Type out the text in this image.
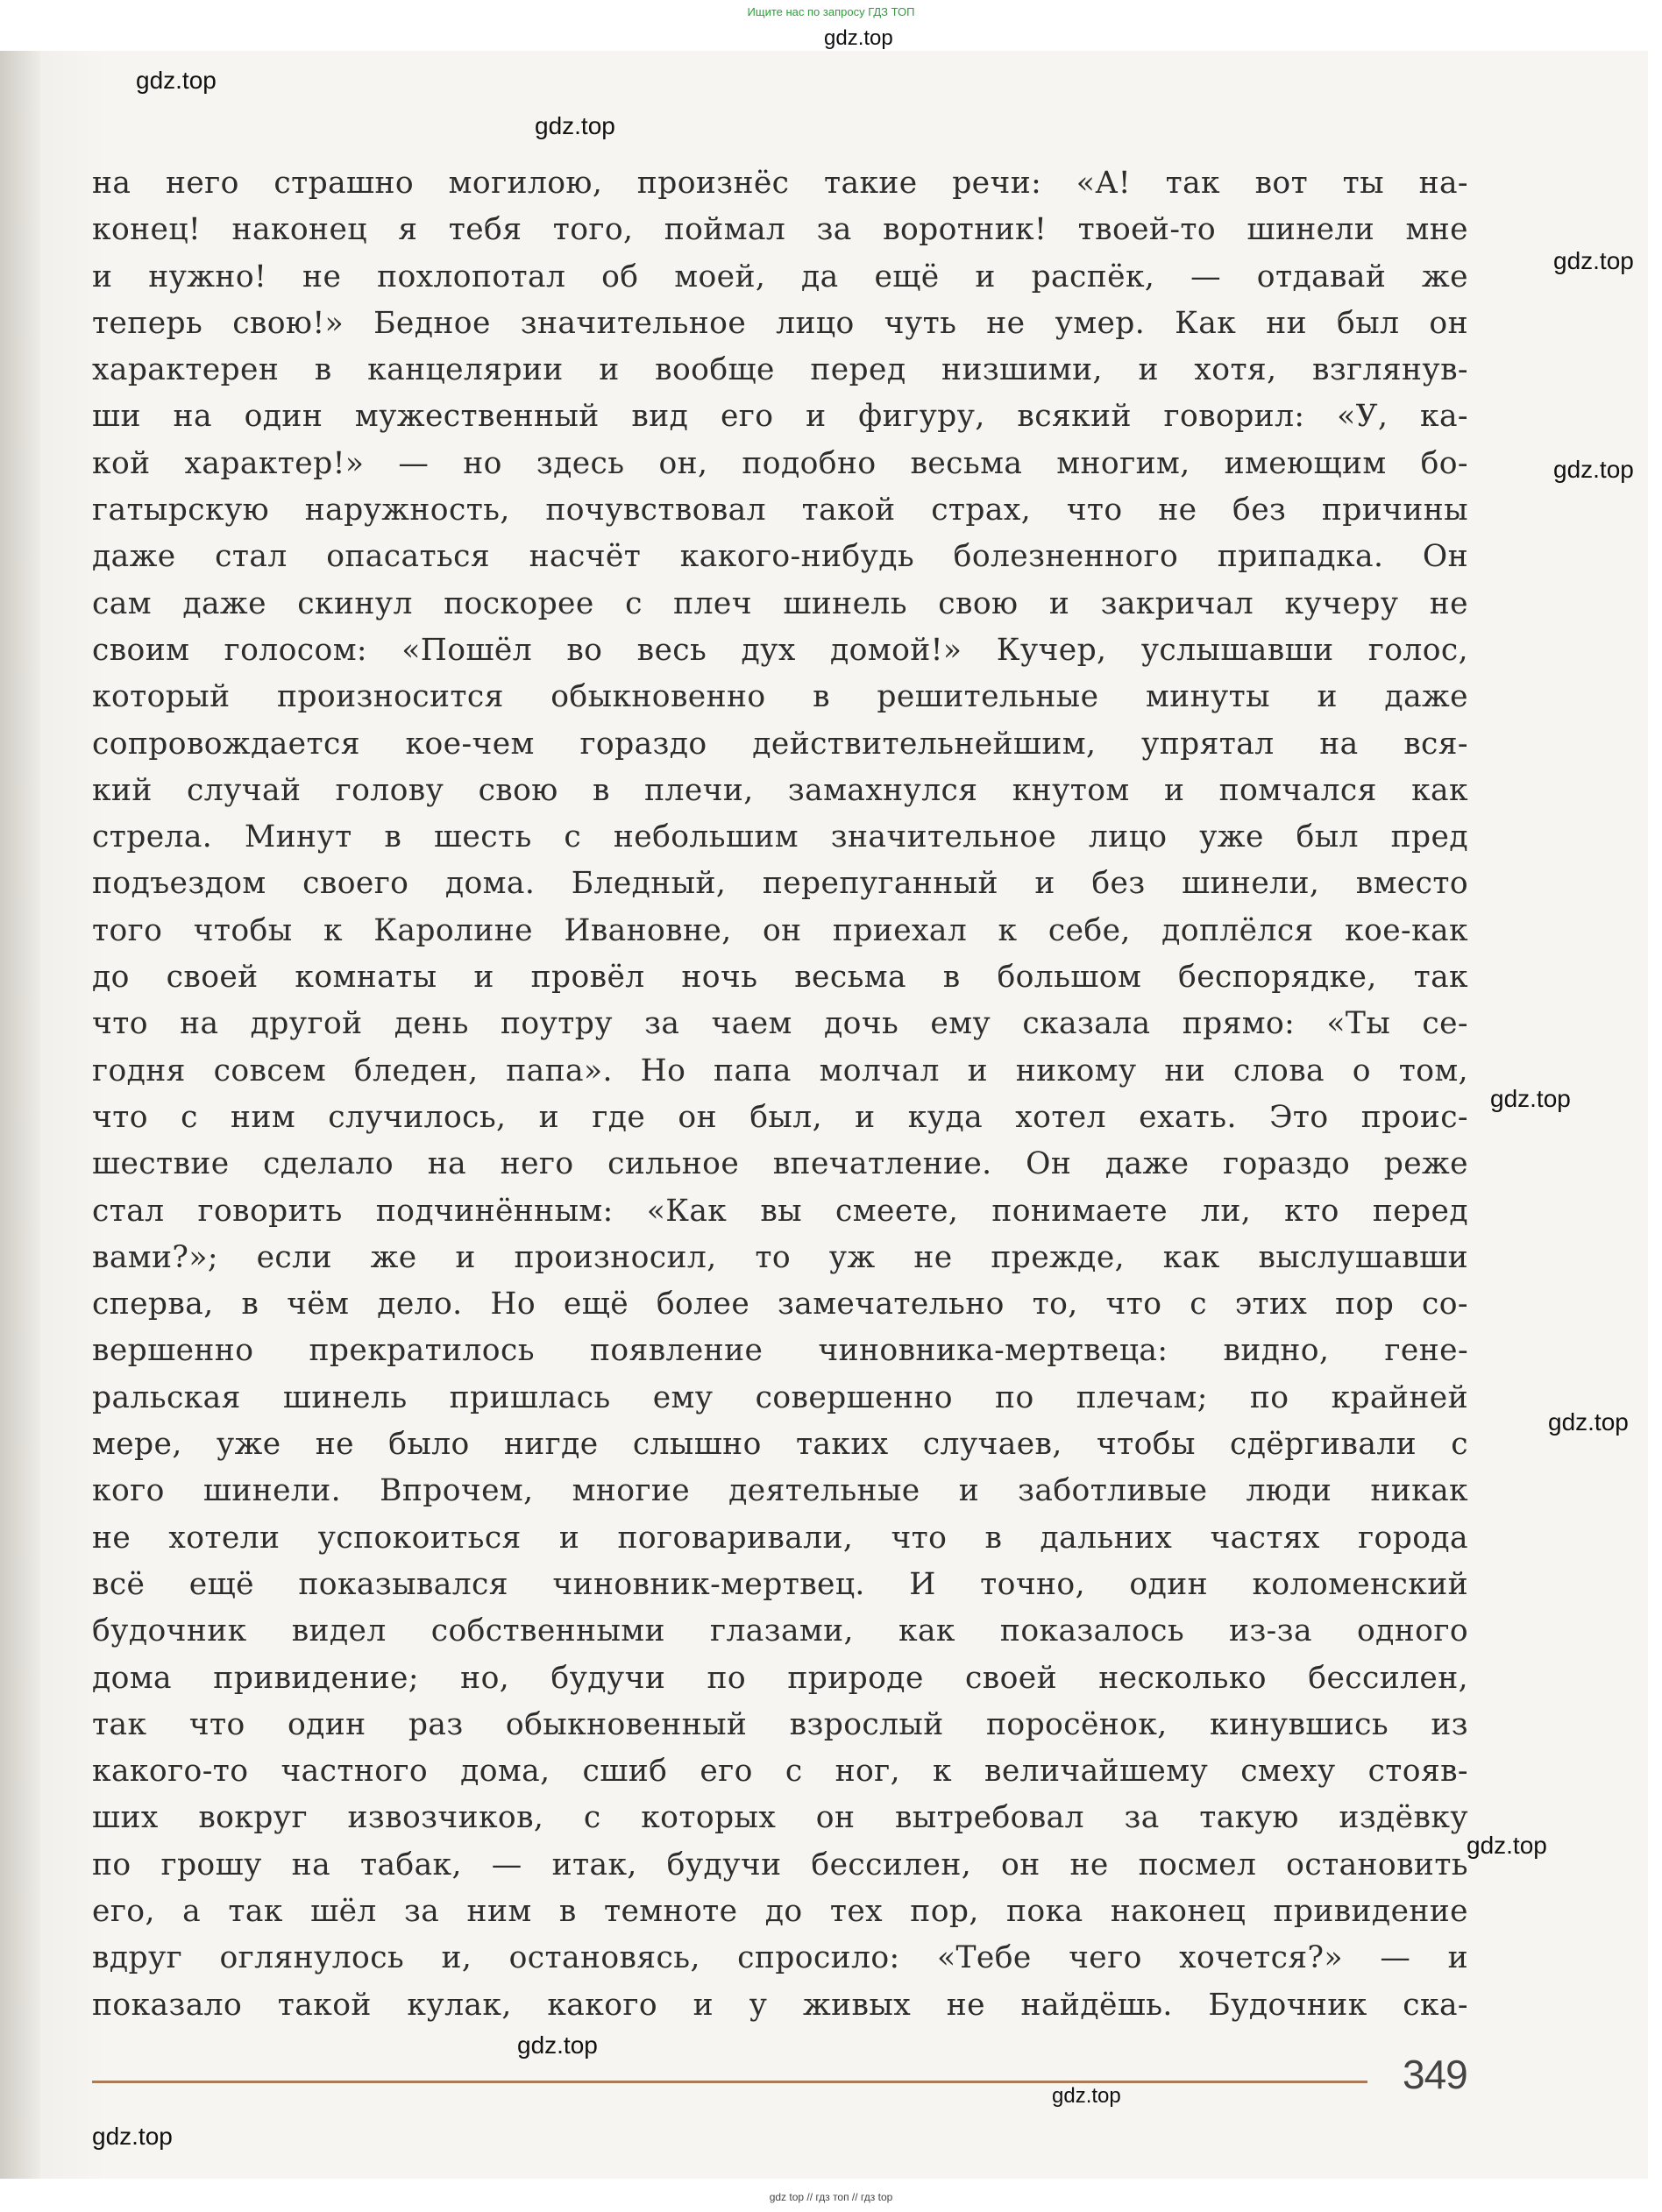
Ищите нас по запросу ГДЗ ТОП
на него страшно могилою, произнёс такие речи: «А! так вот ты на-
конец! наконец я тебя того, поймал за воротник! твоей-то шинели мне
и нужно! не похлопотал об моей, да ещё и распёк, — отдавай же
теперь свою!» Бедное значительное лицо чуть не умер. Как ни был он
характерен в канцелярии и вообще перед низшими, и хотя, взглянув-
ши на один мужественный вид его и фигуру, всякий говорил: «У, ка-
кой характер!» — но здесь он, подобно весьма многим, имеющим бо-
гатырскую наружность, почувствовал такой страх, что не без причины
даже стал опасаться насчёт какого-нибудь болезненного припадка. Он
сам даже скинул поскорее с плеч шинель свою и закричал кучеру не
своим голосом: «Пошёл во весь дух домой!» Кучер, услышавши голос,
который произносится обыкновенно в решительные минуты и даже
сопровождается кое-чем гораздо действительнейшим, упрятал на вся-
кий случай голову свою в плечи, замахнулся кнутом и помчался как
стрела. Минут в шесть с небольшим значительное лицо уже был пред
подъездом своего дома. Бледный, перепуганный и без шинели, вместо
того чтобы к Каролине Ивановне, он приехал к себе, доплёлся кое-как
до своей комнаты и провёл ночь весьма в большом беспорядке, так
что на другой день поутру за чаем дочь ему сказала прямо: «Ты се-
годня совсем бледен, папа». Но папа молчал и никому ни слова о том,
что с ним случилось, и где он был, и куда хотел ехать. Это проис-
шествие сделало на него сильное впечатление. Он даже гораздо реже
стал говорить подчинённым: «Как вы смеете, понимаете ли, кто перед
вами?»; если же и произносил, то уж не прежде, как выслушавши
сперва, в чём дело. Но ещё более замечательно то, что с этих пор со-
вершенно прекратилось появление чиновника-мертвеца: видно, гене-
ральская шинель пришлась ему совершенно по плечам; по крайней
мере, уже не было нигде слышно таких случаев, чтобы сдёргивали с
кого шинели. Впрочем, многие деятельные и заботливые люди никак
не хотели успокоиться и поговаривали, что в дальних частях города
всё ещё показывался чиновник-мертвец. И точно, один коломенский
будочник видел собственными глазами, как показалось из-за одного
дома привидение; но, будучи по природе своей несколько бессилен,
так что один раз обыкновенный взрослый поросёнок, кинувшись из
какого-то частного дома, сшиб его с ног, к величайшему смеху стояв-
ших вокруг извозчиков, с которых он вытребовал за такую издёвку
по грошу на табак, — итак, будучи бессилен, он не посмел остановить
его, а так шёл за ним в темноте до тех пор, пока наконец привидение
вдруг оглянулось и, остановясь, спросило: «Тебе чего хочется?» — и
показало такой кулак, какого и у живых не найдёшь. Будочник ска-
349
gdz.top
gdz.top
gdz.top
gdz.top
gdz.top
gdz.top
gdz.top
gdz.top
gdz.top
gdz.top
gdz.top
gdz top // гдз топ // гдз top
